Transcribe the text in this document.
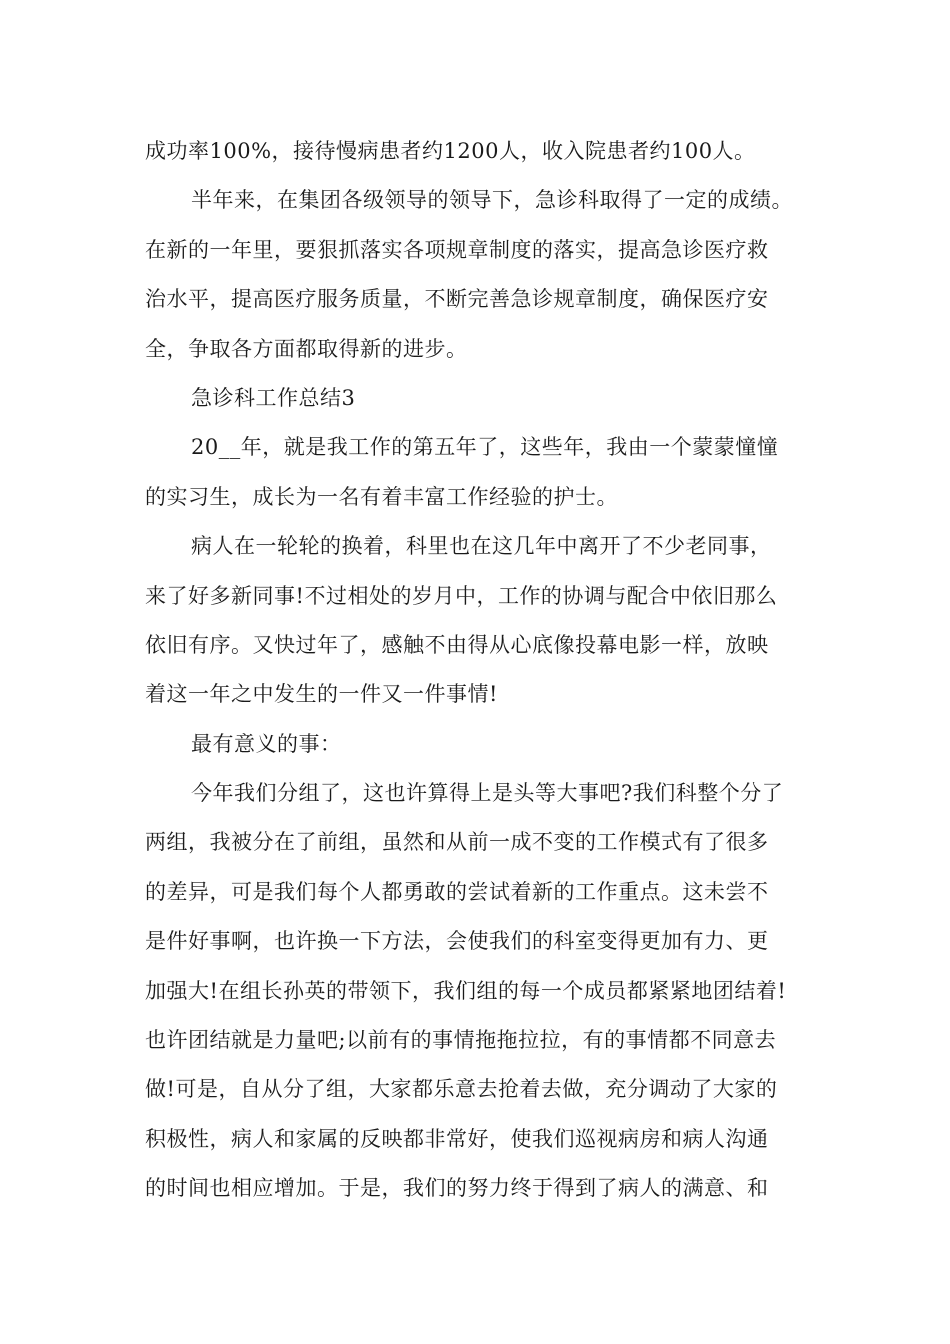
成功率100%，接待慢病患者约1200人，收入院患者约100人。
半年来，在集团各级领导的领导下，急诊科取得了一定的成绩。
在新的一年里，要狠抓落实各项规章制度的落实，提高急诊医疗救
治水平，提高医疗服务质量，不断完善急诊规章制度，确保医疗安
全，争取各方面都取得新的进步。
急诊科工作总结3
20__年，就是我工作的第五年了，这些年，我由一个蒙蒙憧憧
的实习生，成长为一名有着丰富工作经验的护士。
病人在一轮轮的换着，科里也在这几年中离开了不少老同事，
来了好多新同事!不过相处的岁月中，工作的协调与配合中依旧那么
依旧有序。又快过年了，感触不由得从心底像投幕电影一样，放映
着这一年之中发生的一件又一件事情!
最有意义的事：
今年我们分组了，这也许算得上是头等大事吧?我们科整个分了
两组，我被分在了前组，虽然和从前一成不变的工作模式有了很多
的差异，可是我们每个人都勇敢的尝试着新的工作重点。这未尝不
是件好事啊，也许换一下方法，会使我们的科室变得更加有力、更
加强大!在组长孙英的带领下，我们组的每一个成员都紧紧地团结着!
也许团结就是力量吧;以前有的事情拖拖拉拉，有的事情都不同意去
做!可是，自从分了组，大家都乐意去抢着去做，充分调动了大家的
积极性，病人和家属的反映都非常好，使我们巡视病房和病人沟通
的时间也相应增加。于是，我们的努力终于得到了病人的满意、和
